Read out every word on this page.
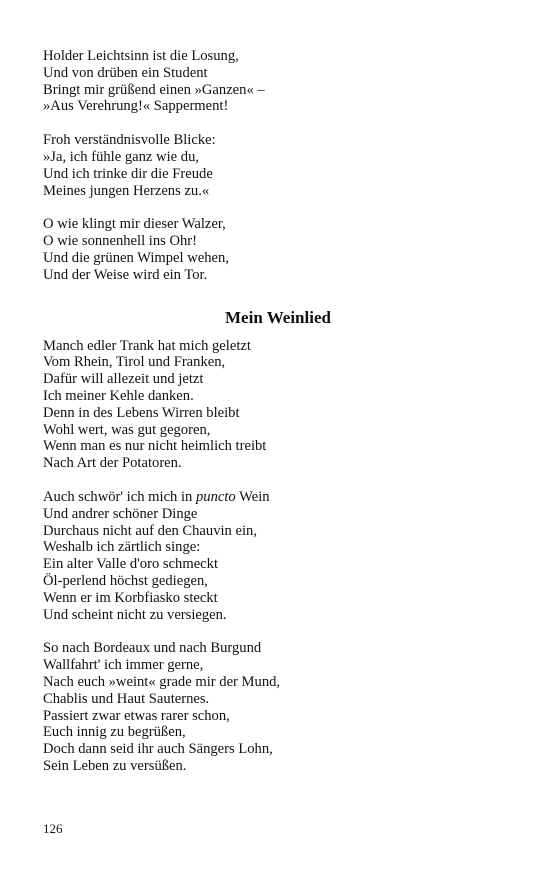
Holder Leichtsinn ist die Losung,
Und von drüben ein Student
Bringt mir grüßend einen »Ganzen« –
»Aus Verehrung!« Sapperment!
Froh verständnisvolle Blicke:
»Ja, ich fühle ganz wie du,
Und ich trinke dir die Freude
Meines jungen Herzens zu.«
O wie klingt mir dieser Walzer,
O wie sonnenhell ins Ohr!
Und die grünen Wimpel wehen,
Und der Weise wird ein Tor.
Mein Weinlied
Manch edler Trank hat mich geletzt
Vom Rhein, Tirol und Franken,
Dafür will allezeit und jetzt
Ich meiner Kehle danken.
Denn in des Lebens Wirren bleibt
Wohl wert, was gut gegoren,
Wenn man es nur nicht heimlich treibt
Nach Art der Potatoren.
Auch schwör' ich mich in puncto Wein
Und andrer schöner Dinge
Durchaus nicht auf den Chauvin ein,
Weshalb ich zärtlich singe:
Ein alter Valle d'oro schmeckt
Öl-perlend höchst gediegen,
Wenn er im Korbfiasko steckt
Und scheint nicht zu versiegen.
So nach Bordeaux und nach Burgund
Wallfahrt' ich immer gerne,
Nach euch »weint« grade mir der Mund,
Chablis und Haut Sauternes.
Passiert zwar etwas rarer schon,
Euch innig zu begrüßen,
Doch dann seid ihr auch Sängers Lohn,
Sein Leben zu versüßen.
126
